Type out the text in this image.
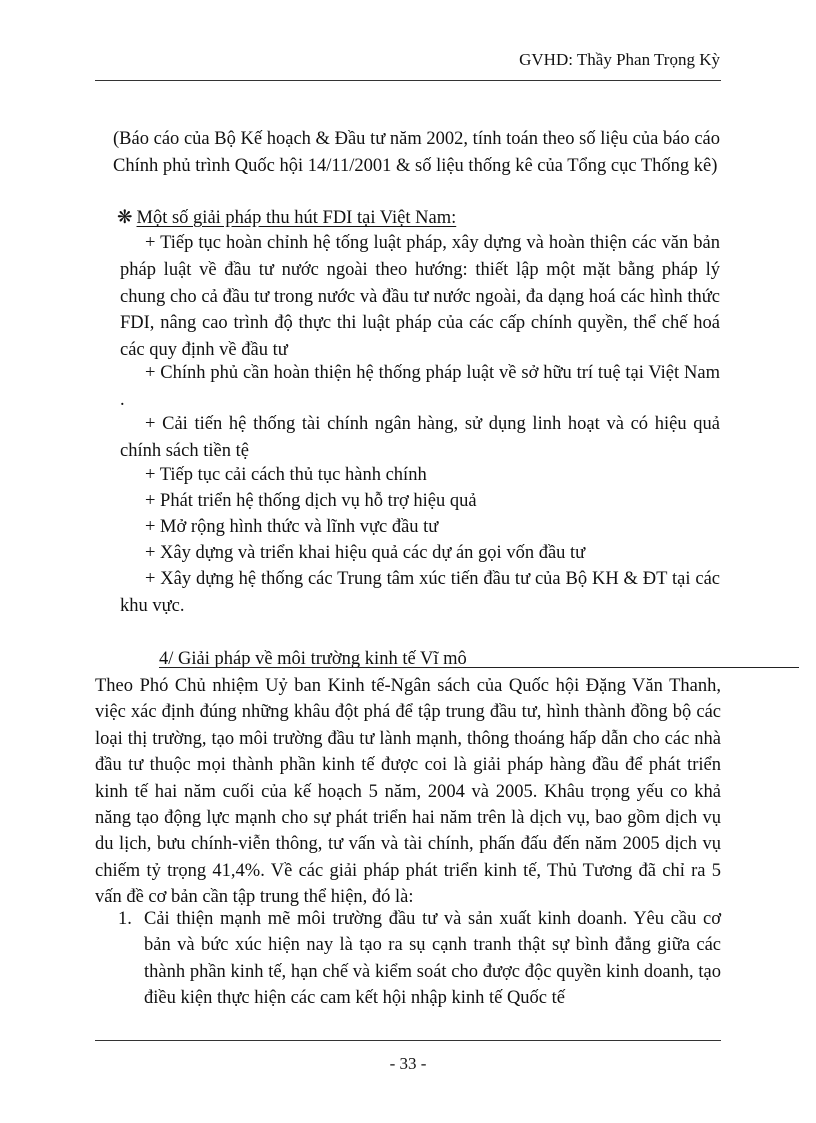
GVHD: Thầy Phan Trọng Kỳ
(Báo cáo của Bộ Kế hoạch & Đầu tư năm 2002, tính toán theo số liệu của báo cáo Chính phủ trình Quốc hội 14/11/2001 & số liệu thống kê của Tổng cục Thống kê)
❋ Một số giải pháp thu hút FDI tại Việt Nam:
+ Tiếp tục hoàn chỉnh hệ tống luật pháp, xây dựng và hoàn thiện các văn bản pháp luật về đầu tư nước ngoài theo hướng: thiết lập một mặt bằng pháp lý chung cho cả đầu tư trong nước và đầu tư nước ngoài, đa dạng hoá các hình thức FDI, nâng cao trình độ thực thi luật pháp của các cấp chính quyền, thể chế hoá các quy định về đầu tư
+ Chính phủ cần hoàn thiện hệ thống pháp luật về sở hữu trí tuệ tại Việt Nam .
+ Cải tiến hệ thống tài chính ngân hàng, sử dụng linh hoạt và có hiệu quả chính sách tiền tệ
+ Tiếp tục cải cách thủ tục hành chính
+ Phát triển hệ thống dịch vụ hỗ trợ hiệu quả
+ Mở rộng hình thức và lĩnh vực đầu tư
+ Xây dựng và triển khai hiệu quả các dự án gọi vốn đầu tư
+ Xây dựng hệ thống các Trung tâm xúc tiến đầu tư của Bộ KH & ĐT tại các khu vực.
4/ Giải pháp về môi trường kinh tế Vĩ mô
Theo Phó Chủ nhiệm Uỷ ban Kinh tế-Ngân sách của Quốc hội Đặng Văn Thanh, việc xác định đúng những khâu đột phá để tập trung đầu tư, hình thành đồng bộ các loại thị trường, tạo môi trường đầu tư lành mạnh, thông thoáng hấp dẫn cho các nhà đầu tư thuộc mọi thành phần kinh tế được coi là giải pháp hàng đầu để phát triển kinh tế hai năm cuối của kế hoạch 5 năm, 2004 và 2005. Khâu trọng yếu co khả năng tạo động lực mạnh cho sự phát triển hai năm trên là dịch vụ, bao gồm dịch vụ du lịch, bưu chính-viễn thông, tư vấn và tài chính, phấn đấu đến năm 2005 dịch vụ chiếm tỷ trọng 41,4%. Về các giải pháp phát triển kinh tế, Thủ Tương đã chỉ ra 5 vấn đề cơ bản cần tập trung thể hiện, đó là:
1. Cải thiện mạnh mẽ môi trường đầu tư và sản xuất kinh doanh. Yêu cầu cơ bản và bức xúc hiện nay là tạo ra sụ cạnh tranh thật sự bình đẳng giữa các thành phần kinh tế, hạn chế và kiểm soát cho được độc quyền kinh doanh, tạo điều kiện thực hiện các cam kết hội nhập kinh tế Quốc tế
- 33 -
